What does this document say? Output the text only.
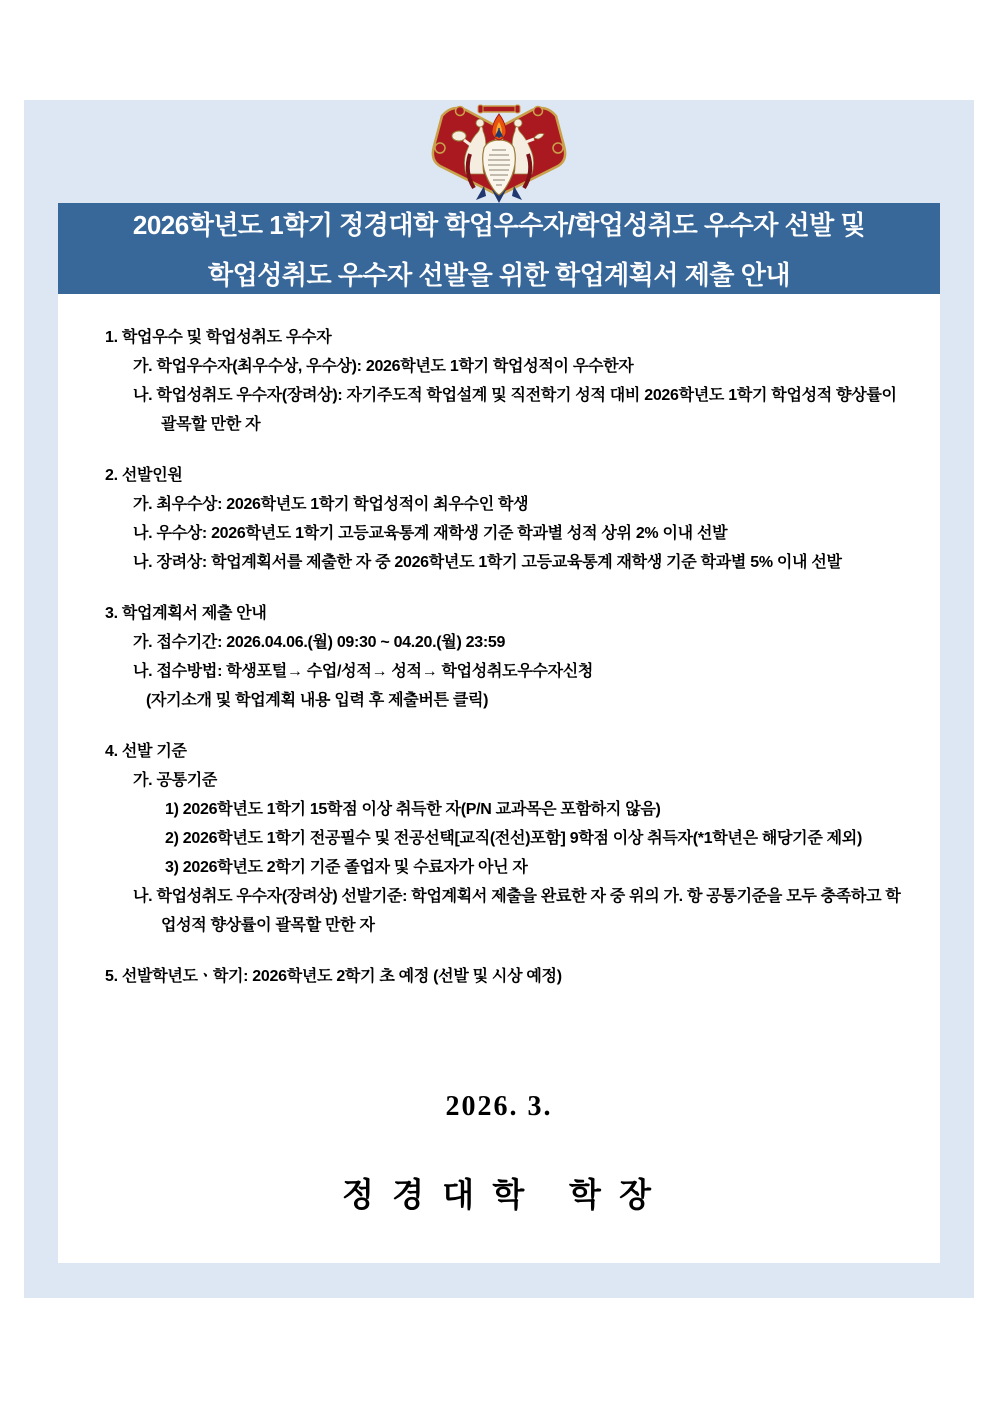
2026학년도 1학기 정경대학 학업우수자/학업성취도 우수자 선발 및
학업성취도 우수자 선발을 위한 학업계획서 제출 안내
1. 학업우수 및 학업성취도 우수자
가. 학업우수자(최우수상, 우수상): 2026학년도 1학기 학업성적이 우수한자
나. 학업성취도 우수자(장려상): 자기주도적 학업설계 및 직전학기 성적 대비 2026학년도 1학기 학업성적 향상률이 괄목할 만한 자
2. 선발인원
가. 최우수상: 2026학년도 1학기 학업성적이 최우수인 학생
나. 우수상: 2026학년도 1학기 고등교육통계 재학생 기준 학과별 성적 상위 2% 이내 선발
나. 장려상: 학업계획서를 제출한 자 중 2026학년도 1학기 고등교육통계 재학생 기준 학과별 5% 이내 선발
3. 학업계획서 제출 안내
가. 접수기간: 2026.04.06.(월) 09:30 ~ 04.20.(월) 23:59
나. 접수방법: 학생포털→ 수업/성적→ 성적→ 학업성취도우수자신청
(자기소개 및 학업계획 내용 입력 후 제출버튼 클릭)
4. 선발 기준
가. 공통기준
1) 2026학년도 1학기 15학점 이상 취득한 자(P/N 교과목은 포함하지 않음)
2) 2026학년도 1학기 전공필수 및 전공선택[교직(전선)포함] 9학점 이상 취득자(*1학년은 해당기준 제외)
3) 2026학년도 2학기 기준 졸업자 및 수료자가 아닌 자
나. 학업성취도 우수자(장려상) 선발기준: 학업계획서 제출을 완료한 자 중 위의 가. 항 공통기준을 모두 충족하고 학업성적 향상률이 괄목할 만한 자
5. 선발학년도ㆍ학기: 2026학년도 2학기 초 예정 (선발 및 시상 예정)
2026. 3.
정 경 대 학   학 장
